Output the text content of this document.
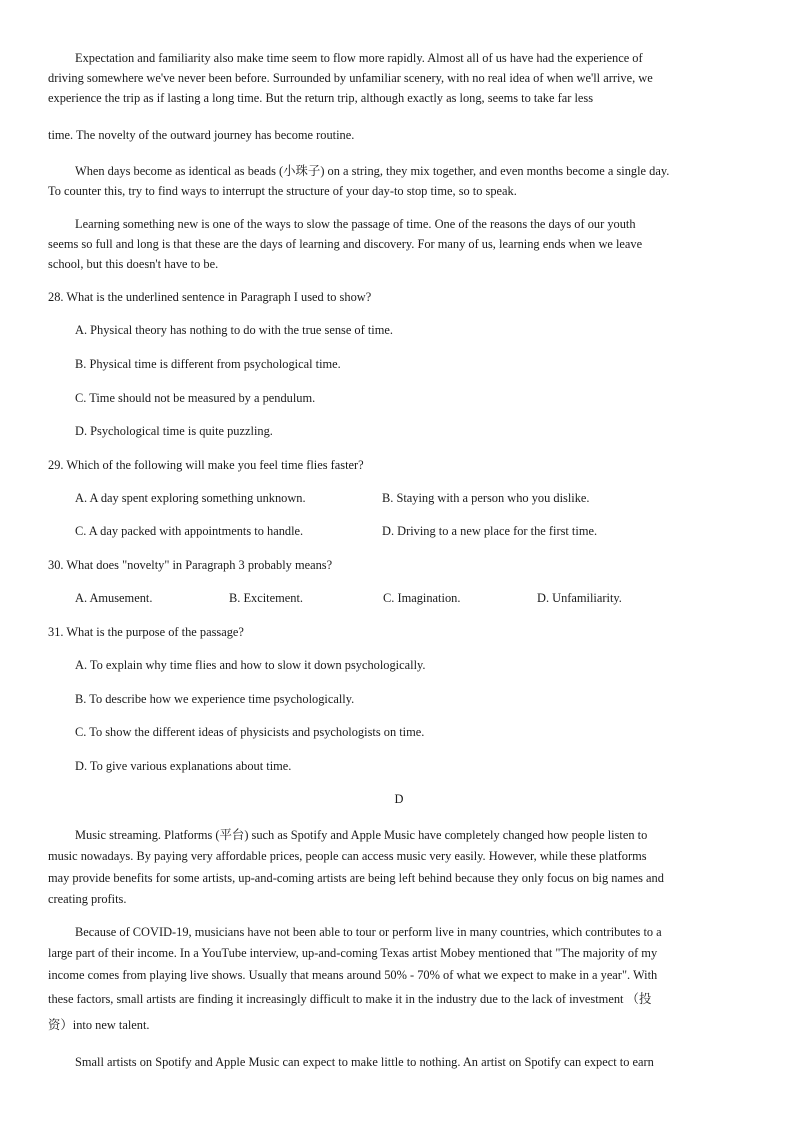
Expectation and familiarity also make time seem to flow more rapidly. Almost all of us have had the experience of
driving somewhere we've never been before. Surrounded by unfamiliar scenery, with no real idea of when we'll arrive, we
experience the trip as if lasting a long time. But the return trip, although exactly as long, seems to take far less

time. The novelty of the outward journey has become routine.

When days become as identical as beads (小珠子) on a string, they mix together, and even months become a single day.
To counter this, try to find ways to interrupt the structure of your day-to stop time, so to speak.

Learning something new is one of the ways to slow the passage of time. One of the reasons the days of our youth
seems so full and long is that these are the days of learning and discovery. For many of us, learning ends when we leave
school, but this doesn't have to be.

28. What is the underlined sentence in Paragraph I used to show?

A. Physical theory has nothing to do with the true sense of time.

B. Physical time is different from psychological time.

C. Time should not be measured by a pendulum.

D. Psychological time is quite puzzling.

29. Which of the following will make you feel time flies faster?

A. A day spent exploring something unknown.	B. Staying with a person who you dislike.
C. A day packed with appointments to handle.	D. Driving to a new place for the first time.

30. What does "novelty" in Paragraph 3 probably means?

A. Amusement.	B. Excitement.	C. Imagination.	D. Unfamiliarity.

31. What is the purpose of the passage?

A. To explain why time flies and how to slow it down psychologically.

B. To describe how we experience time psychologically.

C. To show the different ideas of physicists and psychologists on time.

D. To give various explanations about time.

D

Music streaming. Platforms (平台) such as Spotify and Apple Music have completely changed how people listen to
music nowadays. By paying very affordable prices, people can access music very easily. However, while these platforms
may provide benefits for some artists, up-and-coming artists are being left behind because they only focus on big names and
creating profits.

Because of COVID-19, musicians have not been able to tour or perform live in many countries, which contributes to a
large part of their income. In a YouTube interview, up-and-coming Texas artist Mobey mentioned that "The majority of my
income comes from playing live shows. Usually that means around 50% - 70% of what we expect to make in a year". With
these factors, small artists are finding it increasingly difficult to make it in the industry due to the lack of investment （投
资）into new talent.

Small artists on Spotify and Apple Music can expect to make little to nothing. An artist on Spotify can expect to earn
